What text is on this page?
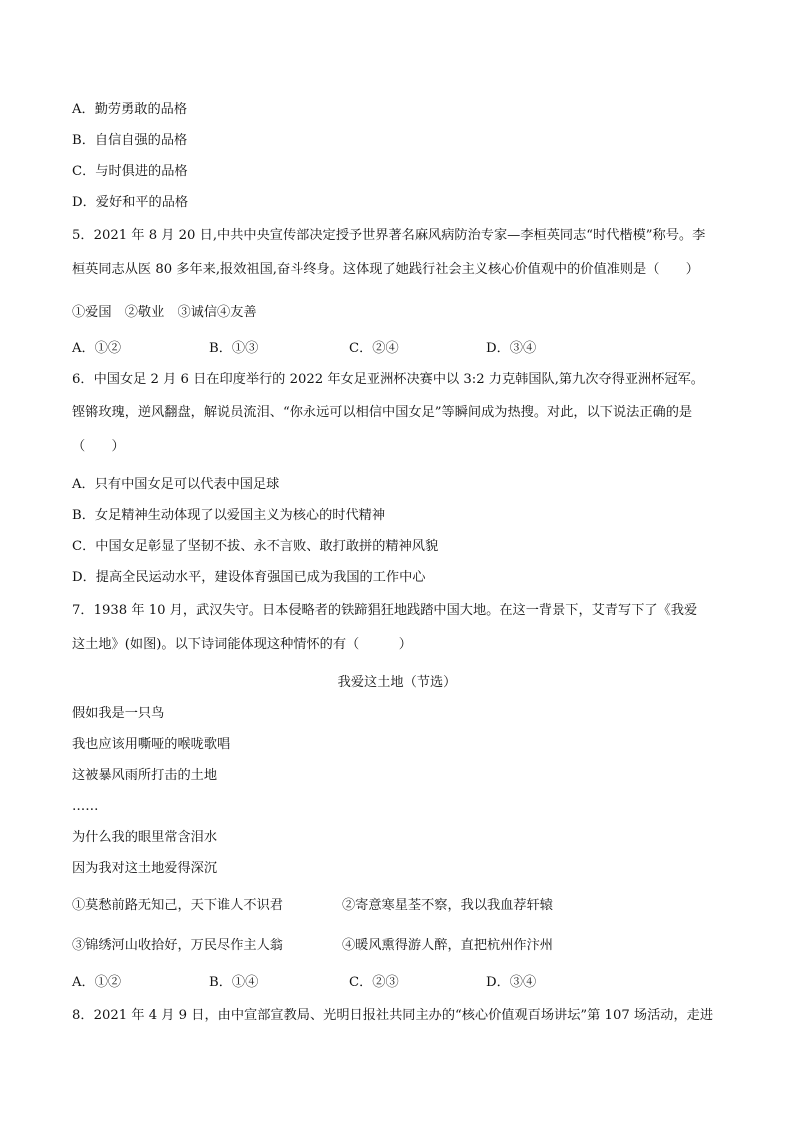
A．勤劳勇敢的品格
B．自信自强的品格
C．与时俱进的品格
D．爱好和平的品格
5．2021 年 8 月 20 日,中共中央宣传部决定授予世界著名麻风病防治专家—李桓英同志“时代楷模”称号。李
桓英同志从医 80 多年来,报效祖国,奋斗终身。这体现了她践行社会主义核心价值观中的价值准则是（　　）
①爱国　②敬业　③诚信④友善
A．①②	B．①③	C．②④	D．③④
6．中国女足 2 月 6 日在印度举行的 2022 年女足亚洲杯决赛中以 3:2 力克韩国队,第九次夺得亚洲杯冠军。
铿锵玫瑰，逆风翻盘，解说员流泪、“你永远可以相信中国女足”等瞬间成为热搜。对此，以下说法正确的是
（　　）
A．只有中国女足可以代表中国足球
B．女足精神生动体现了以爱国主义为核心的时代精神
C．中国女足彰显了坚韧不拔、永不言败、敢打敢拼的精神风貌
D．提高全民运动水平，建设体育强国已成为我国的工作中心
7．1938 年 10 月，武汉失守。日本侵略者的铁蹄猖狂地践踏中国大地。在这一背景下，艾青写下了《我爱
这土地》(如图)。以下诗词能体现这种情怀的有（　　　）
我爱这土地（节选）
假如我是一只鸟
我也应该用嘶哑的喉咙歌唱
这被暴风雨所打击的土地
……
为什么我的眼里常含泪水
因为我对这土地爱得深沉
①莫愁前路无知己，天下谁人不识君	②寄意寒星荃不察，我以我血荐轩辕
③锦绣河山收拾好，万民尽作主人翁	④暖风熏得游人醉，直把杭州作汴州
A．①②	B．①④	C．②③	D．③④
8．2021 年 4 月 9 日，由中宣部宣教局、光明日报社共同主办的“核心价值观百场讲坛”第 107 场活动，走进
